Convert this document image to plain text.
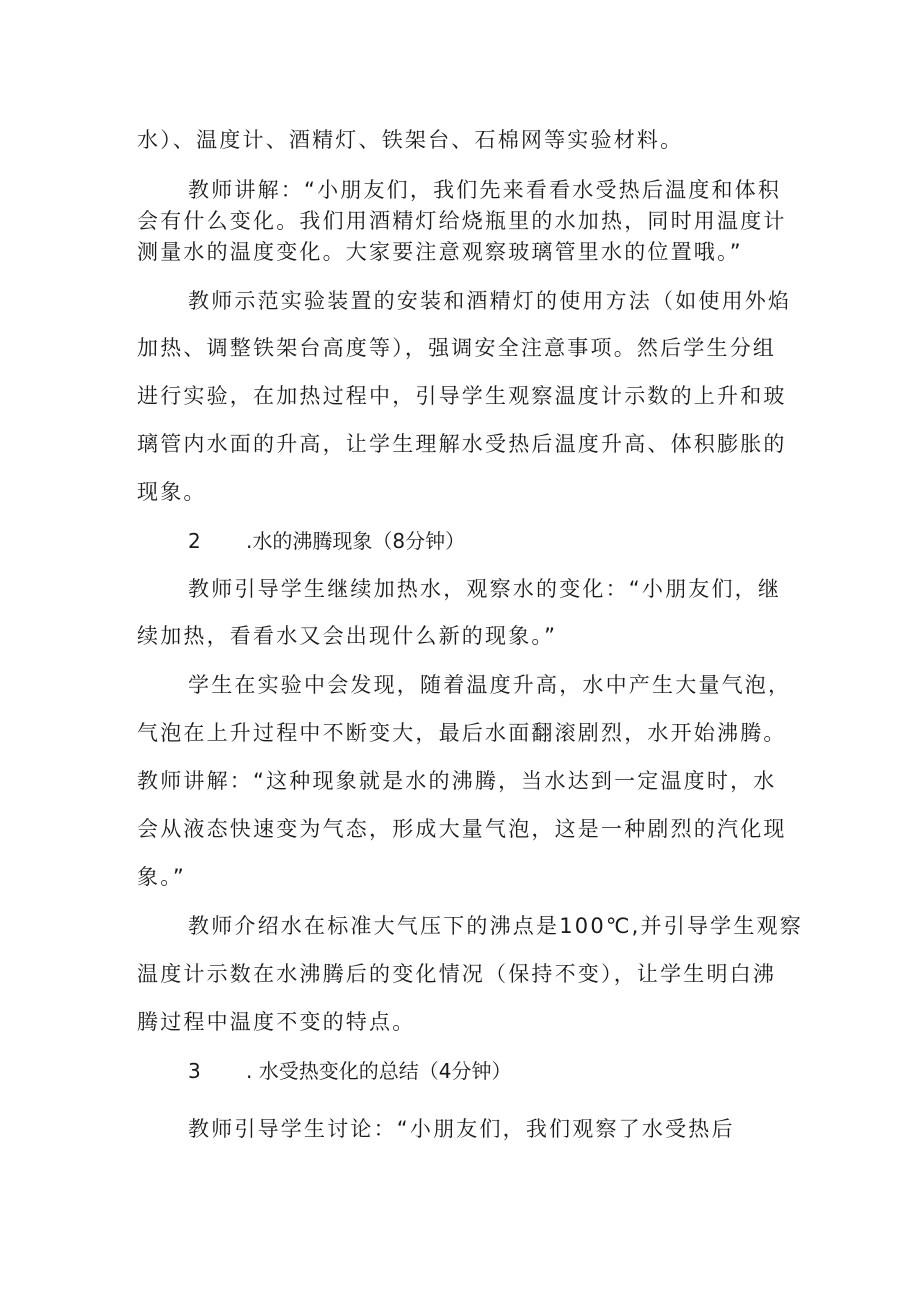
水）、温度计、酒精灯、铁架台、石棉网等实验材料。
教师讲解：“小朋友们，我们先来看看水受热后温度和体积
会有什么变化。我们用酒精灯给烧瓶里的水加热，同时用温度计
测量水的温度变化。大家要注意观察玻璃管里水的位置哦。”
教师示范实验装置的安装和酒精灯的使用方法（如使用外焰
加热、调整铁架台高度等），强调安全注意事项。然后学生分组
进行实验，在加热过程中，引导学生观察温度计示数的上升和玻
璃管内水面的升高，让学生理解水受热后温度升高、体积膨胀的
现象。
2 .水的沸腾现象（8分钟）
教师引导学生继续加热水，观察水的变化：“小朋友们，继
续加热，看看水又会出现什么新的现象。”
学生在实验中会发现，随着温度升高，水中产生大量气泡，
气泡在上升过程中不断变大，最后水面翻滚剧烈，水开始沸腾。
教师讲解：“这种现象就是水的沸腾，当水达到一定温度时，水
会从液态快速变为气态，形成大量气泡，这是一种剧烈的汽化现
象。”
教师介绍水在标准大气压下的沸点是100℃,并引导学生观察
温度计示数在水沸腾后的变化情况（保持不变），让学生明白沸
腾过程中温度不变的特点。
3 . 水受热变化的总结（4分钟）
教师引导学生讨论：“小朋友们，我们观察了水受热后
